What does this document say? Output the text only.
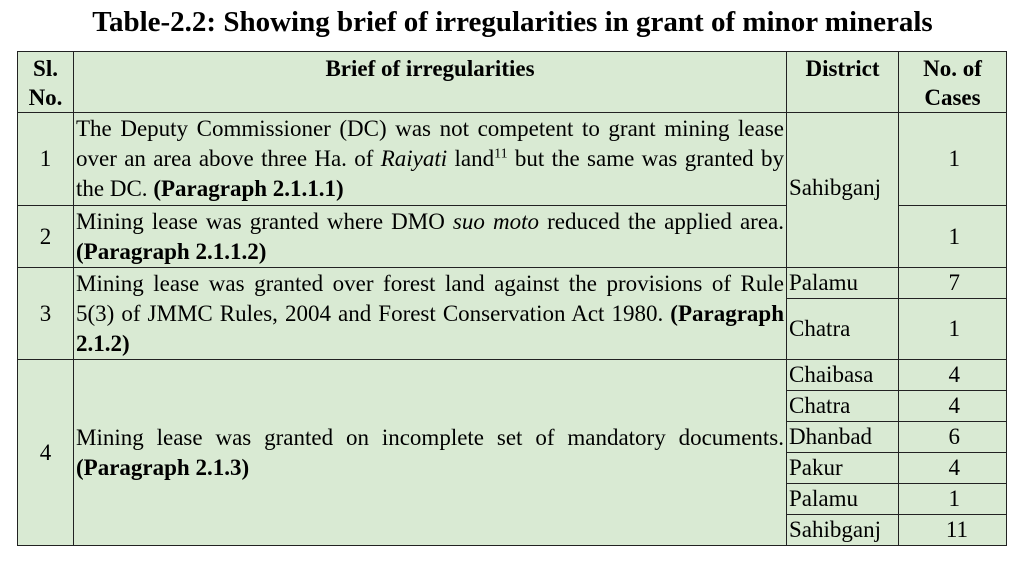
Table-2.2: Showing brief of irregularities in grant of minor minerals
Sl. No.	Brief of irregularities	District	No. of Cases
1	The Deputy Commissioner (DC) was not competent to grant mining lease over an area above three Ha. of Raiyati land$^{11}$ but the same was granted by the DC. (Paragraph 2.1.1.1)	Sahibganj	1
2	Mining lease was granted where DMO suo moto reduced the applied area. (Paragraph 2.1.1.2)		1
3	Mining lease was granted over forest land against the provisions of Rule 5(3) of JMMC Rules, 2004 and Forest Conservation Act 1980. (Paragraph 2.1.2)	Palamu	7
		Chatra	1
4	Mining lease was granted on incomplete set of mandatory documents. (Paragraph 2.1.3)	Chaibasa	4
		Chatra	4
		Dhanbad	6
		Pakur	4
		Palamu	1
		Sahibganj	11
